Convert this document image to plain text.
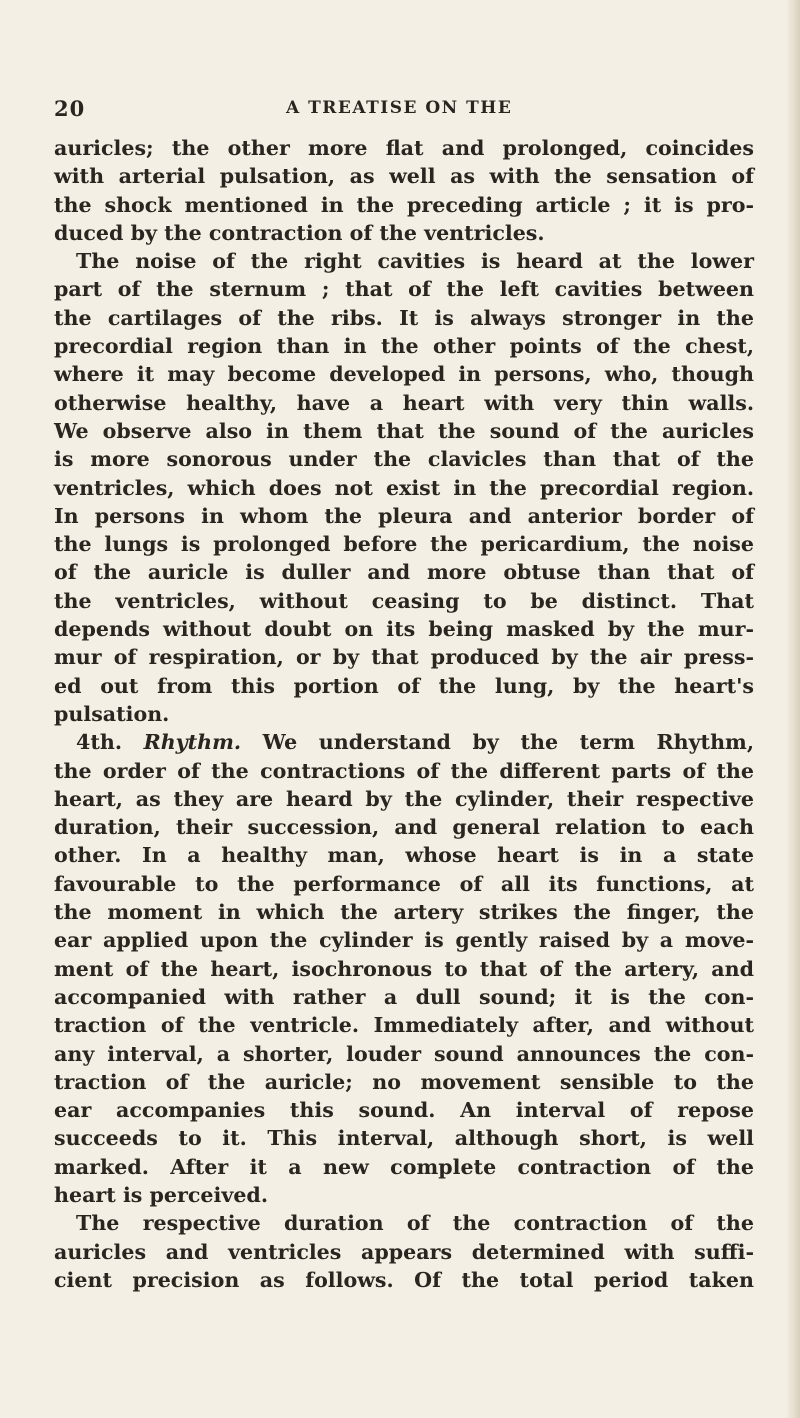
20	A TREATISE ON THE
auricles; the other more flat and prolonged, coincides
with arterial pulsation, as well as with the sensation of
the shock mentioned in the preceding article ; it is pro-
duced by the contraction of the ventricles.
The noise of the right cavities is heard at the lower
part of the sternum ; that of the left cavities between
the cartilages of the ribs. It is always stronger in the
precordial region than in the other points of the chest,
where it may become developed in persons, who, though
otherwise healthy, have a heart with very thin walls.
We observe also in them that the sound of the auricles
is more sonorous under the clavicles than that of the
ventricles, which does not exist in the precordial region.
In persons in whom the pleura and anterior border of
the lungs is prolonged before the pericardium, the noise
of the auricle is duller and more obtuse than that of
the ventricles, without ceasing to be distinct. That
depends without doubt on its being masked by the mur-
mur of respiration, or by that produced by the air press-
ed out from this portion of the lung, by the heart's
pulsation.
4th. Rhythm. We understand by the term Rhythm,
the order of the contractions of the different parts of the
heart, as they are heard by the cylinder, their respective
duration, their succession, and general relation to each
other. In a healthy man, whose heart is in a state
favourable to the performance of all its functions, at
the moment in which the artery strikes the finger, the
ear applied upon the cylinder is gently raised by a move-
ment of the heart, isochronous to that of the artery, and
accompanied with rather a dull sound; it is the con-
traction of the ventricle. Immediately after, and without
any interval, a shorter, louder sound announces the con-
traction of the auricle; no movement sensible to the
ear accompanies this sound. An interval of repose
succeeds to it. This interval, although short, is well
marked. After it a new complete contraction of the
heart is perceived.
The respective duration of the contraction of the
auricles and ventricles appears determined with suffi-
cient precision as follows. Of the total period taken
